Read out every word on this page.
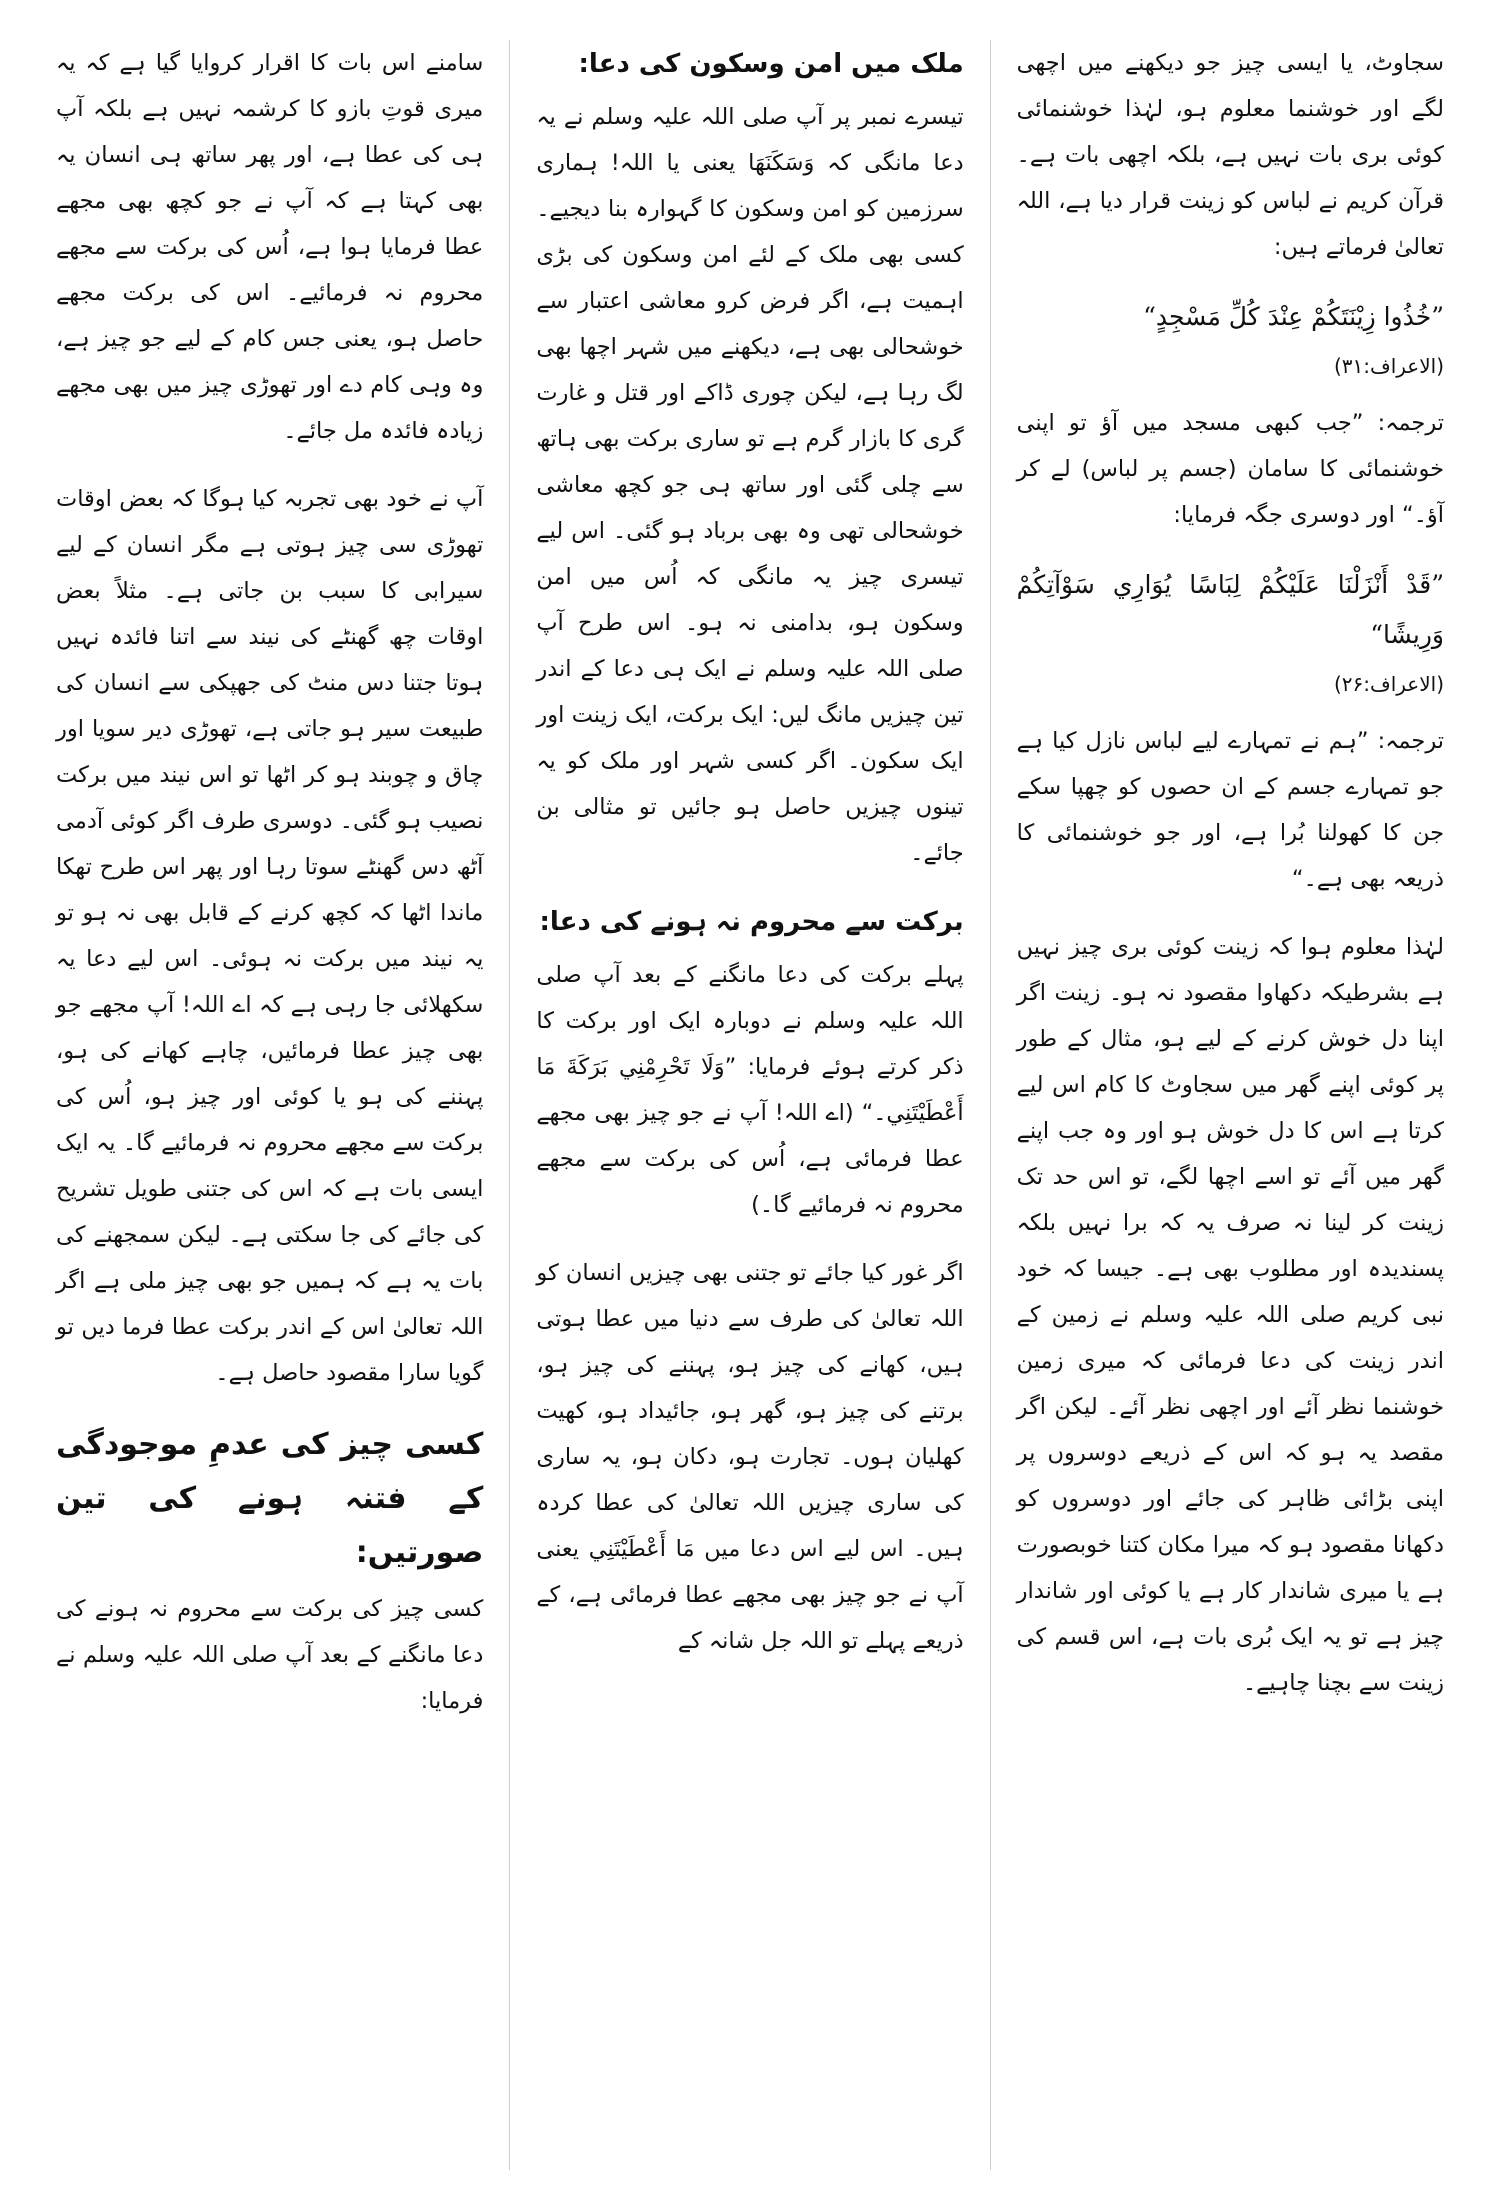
سجاوٹ، یا ایسی چیز جو دیکھنے میں اچھی لگے اور خوشنما معلوم ہو، لہٰذا خوشنمائی کوئی بری بات نہیں ہے، بلکہ اچھی بات ہے۔ قرآن کریم نے لباس کو زینت قرار دیا ہے، اللہ تعالیٰ فرماتے ہیں:
”خُذُوا زِيْنَتَكُمْ عِنْدَ كُلِّ مَسْجِدٍ“
(الاعراف:۳۱)
ترجمہ: ”جب کبھی مسجد میں آؤ تو اپنی خوشنمائی کا سامان (جسم پر لباس) لے کر آؤ۔“ اور دوسری جگہ فرمایا:
”قَدْ أَنْزَلْنَا عَلَيْكُمْ لِبَاسًا يُوَارِي سَوْآتِكُمْ وَرِيشًا“
(الاعراف:۲۶)
ترجمہ: ”ہم نے تمہارے لیے لباس نازل کیا ہے جو تمہارے جسم کے ان حصوں کو چھپا سکے جن کا کھولنا بُرا ہے، اور جو خوشنمائی کا ذریعہ بھی ہے۔“
لہٰذا معلوم ہوا کہ زینت کوئی بری چیز نہیں ہے بشرطیکہ دکھاوا مقصود نہ ہو۔ زینت اگر اپنا دل خوش کرنے کے لیے ہو، مثال کے طور پر کوئی اپنے گھر میں سجاوٹ کا کام اس لیے کرتا ہے اس کا دل خوش ہو اور وہ جب اپنے گھر میں آئے تو اسے اچھا لگے، تو اس حد تک زینت کر لینا نہ صرف یہ کہ برا نہیں بلکہ پسندیدہ اور مطلوب بھی ہے۔ جیسا کہ خود نبی کریم صلی اللہ علیہ وسلم نے زمین کے اندر زینت کی دعا فرمائی کہ میری زمین خوشنما نظر آئے اور اچھی نظر آئے۔ لیکن اگر مقصد یہ ہو کہ اس کے ذریعے دوسروں پر اپنی بڑائی ظاہر کی جائے اور دوسروں کو دکھانا مقصود ہو کہ میرا مکان کتنا خوبصورت ہے یا میری شاندار کار ہے یا کوئی اور شاندار چیز ہے تو یہ ایک بُری بات ہے، اس قسم کی زینت سے بچنا چاہیے۔
ملک میں امن وسکون کی دعا:
تیسرے نمبر پر آپ صلی اللہ علیہ وسلم نے یہ دعا مانگی کہ وَسَكَنَهَا یعنی یا اللہ! ہماری سرزمین کو امن وسکون کا گہوارہ بنا دیجیے۔ کسی بھی ملک کے لئے امن وسکون کی بڑی اہمیت ہے، اگر فرض کرو معاشی اعتبار سے خوشحالی بھی ہے، دیکھنے میں شہر اچھا بھی لگ رہا ہے، لیکن چوری ڈاکے اور قتل و غارت گری کا بازار گرم ہے تو ساری برکت بھی ہاتھ سے چلی گئی اور ساتھ ہی جو کچھ معاشی خوشحالی تھی وہ بھی برباد ہو گئی۔ اس لیے تیسری چیز یہ مانگی کہ اُس میں امن وسکون ہو، بدامنی نہ ہو۔ اس طرح آپ صلی اللہ علیہ وسلم نے ایک ہی دعا کے اندر تین چیزیں مانگ لیں: ایک برکت، ایک زینت اور ایک سکون۔ اگر کسی شہر اور ملک کو یہ تینوں چیزیں حاصل ہو جائیں تو مثالی بن جائے۔
برکت سے محروم نہ ہونے کی دعا:
پہلے برکت کی دعا مانگنے کے بعد آپ صلی اللہ علیہ وسلم نے دوبارہ ایک اور برکت کا ذکر کرتے ہوئے فرمایا: ”وَلَا تَحْرِمْنِي بَرَكَةَ مَا أَعْطَيْتَنِي۔“ (اے اللہ! آپ نے جو چیز بھی مجھے عطا فرمائی ہے، اُس کی برکت سے مجھے محروم نہ فرمائیے گا۔)
اگر غور کیا جائے تو جتنی بھی چیزیں انسان کو اللہ تعالیٰ کی طرف سے دنیا میں عطا ہوتی ہیں، کھانے کی چیز ہو، پہننے کی چیز ہو، برتنے کی چیز ہو، گھر ہو، جائیداد ہو، کھیت کھلیان ہوں۔ تجارت ہو، دکان ہو، یہ ساری کی ساری چیزیں اللہ تعالیٰ کی عطا کردہ ہیں۔ اس لیے اس دعا میں مَا أَعْطَيْتَنِي یعنی آپ نے جو چیز بھی مجھے عطا فرمائی ہے، کے ذریعے پہلے تو اللہ جل شانہ کے
سامنے اس بات کا اقرار کروایا گیا ہے کہ یہ میری قوتِ بازو کا کرشمہ نہیں ہے بلکہ آپ ہی کی عطا ہے، اور پھر ساتھ ہی انسان یہ بھی کہتا ہے کہ آپ نے جو کچھ بھی مجھے عطا فرمایا ہوا ہے، اُس کی برکت سے مجھے محروم نہ فرمائیے۔ اس کی برکت مجھے حاصل ہو، یعنی جس کام کے لیے جو چیز ہے، وہ وہی کام دے اور تھوڑی چیز میں بھی مجھے زیادہ فائدہ مل جائے۔
آپ نے خود بھی تجربہ کیا ہوگا کہ بعض اوقات تھوڑی سی چیز ہوتی ہے مگر انسان کے لیے سیرابی کا سبب بن جاتی ہے۔ مثلاً بعض اوقات چھ گھنٹے کی نیند سے اتنا فائدہ نہیں ہوتا جتنا دس منٹ کی جھپکی سے انسان کی طبیعت سیر ہو جاتی ہے، تھوڑی دیر سویا اور چاق و چوبند ہو کر اٹھا تو اس نیند میں برکت نصیب ہو گئی۔ دوسری طرف اگر کوئی آدمی آٹھ دس گھنٹے سوتا رہا اور پھر اس طرح تھکا ماندا اٹھا کہ کچھ کرنے کے قابل بھی نہ ہو تو یہ نیند میں برکت نہ ہوئی۔ اس لیے دعا یہ سکھلائی جا رہی ہے کہ اے اللہ! آپ مجھے جو بھی چیز عطا فرمائیں، چاہے کھانے کی ہو، پہننے کی ہو یا کوئی اور چیز ہو، اُس کی برکت سے مجھے محروم نہ فرمائیے گا۔ یہ ایک ایسی بات ہے کہ اس کی جتنی طویل تشریح کی جائے کی جا سکتی ہے۔ لیکن سمجھنے کی بات یہ ہے کہ ہمیں جو بھی چیز ملی ہے اگر اللہ تعالیٰ اس کے اندر برکت عطا فرما دیں تو گویا سارا مقصود حاصل ہے۔
کسی چیز کی عدمِ موجودگی کے فتنہ ہونے کی تین صورتیں:
کسی چیز کی برکت سے محروم نہ ہونے کی دعا مانگنے کے بعد آپ صلی اللہ علیہ وسلم نے فرمایا:
